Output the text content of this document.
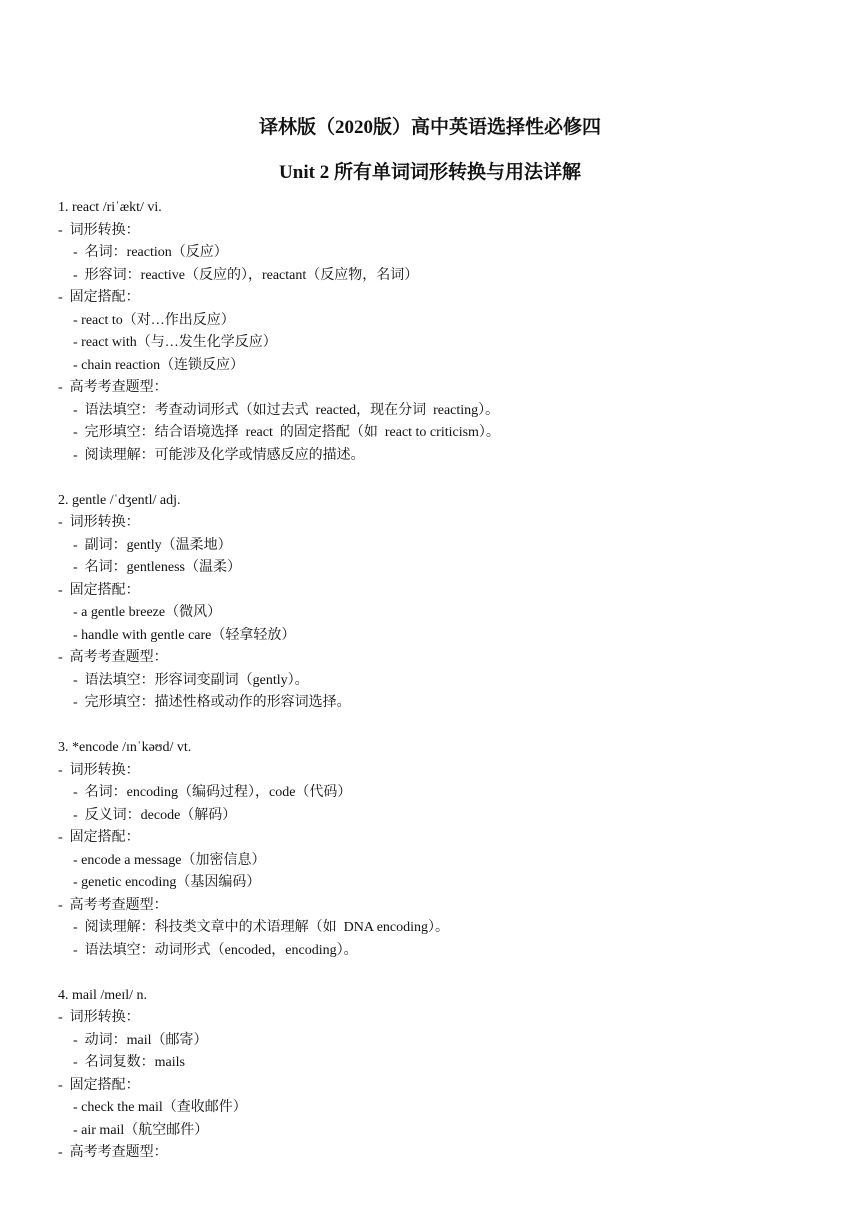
译林版（2020版）高中英语选择性必修四
Unit 2 所有单词词形转换与用法详解
1. react /riˈækt/ vi.
-  词形转换：
-  名词：reaction（反应）
-  形容词：reactive（反应的），reactant（反应物，名词）
-  固定搭配：
- react to（对…作出反应）
- react with（与…发生化学反应）
- chain reaction（连锁反应）
-  高考考查题型：
-  语法填空：考查动词形式（如过去式  reacted，现在分词  reacting）。
-  完形填空：结合语境选择  react  的固定搭配（如  react to criticism）。
-  阅读理解：可能涉及化学或情感反应的描述。
2. gentle /ˈdʒentl/ adj.
-  词形转换：
-  副词：gently（温柔地）
-  名词：gentleness（温柔）
-  固定搭配：
- a gentle breeze（微风）
- handle with gentle care（轻拿轻放）
-  高考考查题型：
-  语法填空：形容词变副词（gently）。
-  完形填空：描述性格或动作的形容词选择。
3. *encode /ɪnˈkəʊd/ vt.
-  词形转换：
-  名词：encoding（编码过程），code（代码）
-  反义词：decode（解码）
-  固定搭配：
- encode a message（加密信息）
- genetic encoding（基因编码）
-  高考考查题型：
-  阅读理解：科技类文章中的术语理解（如  DNA encoding）。
-  语法填空：动词形式（encoded，encoding）。
4. mail /meɪl/ n.
-  词形转换：
-  动词：mail（邮寄）
-  名词复数：mails
-  固定搭配：
- check the mail（查收邮件）
- air mail（航空邮件）
-  高考考查题型：
